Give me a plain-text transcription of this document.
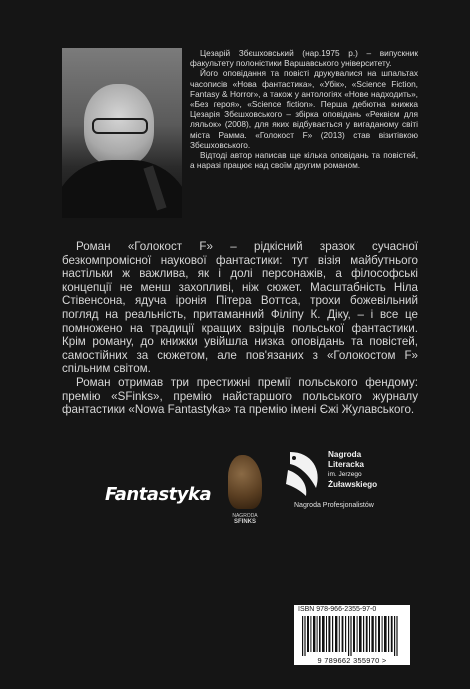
Цезарій Збєшховський (нар.1975 р.) – випускник факультету полоністики Варшавського університету.

Його оповідання та повісті друкувалися на шпальтах часописів «Нова фантастика», «Убік», «Science Fiction, Fantasy & Horror», а також у антологіях «Нове надходить», «Без героя», «Science fiction». Перша дебютна книжка Цезарія Збєшховського – збірка оповідань «Реквієм для ляльок» (2008), для яких відбувається у вигаданому світі міста Рамма. «Голокост F» (2013) став візитівкою Збєшховського.

Відтоді автор написав ще кілька оповідань та повістей, а наразі працює над своїм другим романом.

Роман «Голокост F» – рідкісний зразок сучасної безкомпромісної наукової фантастики: тут візія майбутнього настільки ж важлива, як і долі персонажів, а філософські концепції не менш захопливі, ніж сюжет. Масштабність Ніла Стівенсона, ядуча іронія Пітера Воттса, трохи божевільний погляд на реальність, притаманний Філіпу К. Діку, – і все це помножено на традиції кращих взірців польської фантастики. Крім роману, до книжки увійшла низка оповідань та повістей, самостійних за сюжетом, але пов'язаних з «Голокостом F» спільним світом.

Роман отримав три престижні премії польського фендому: премію «SFinks», премію найстаршого польського журналу фантастики «Nowa Fantastyka» та премію імені Єжі Жулавського.

Fantastyka
NAGRODA
SFINKS
Nagroda
Literacka
im. Jerzego
Żuławskiego
Nagroda Profesjonalistów
ISBN 978-966-2355-97-0
9 789662 355970 >
